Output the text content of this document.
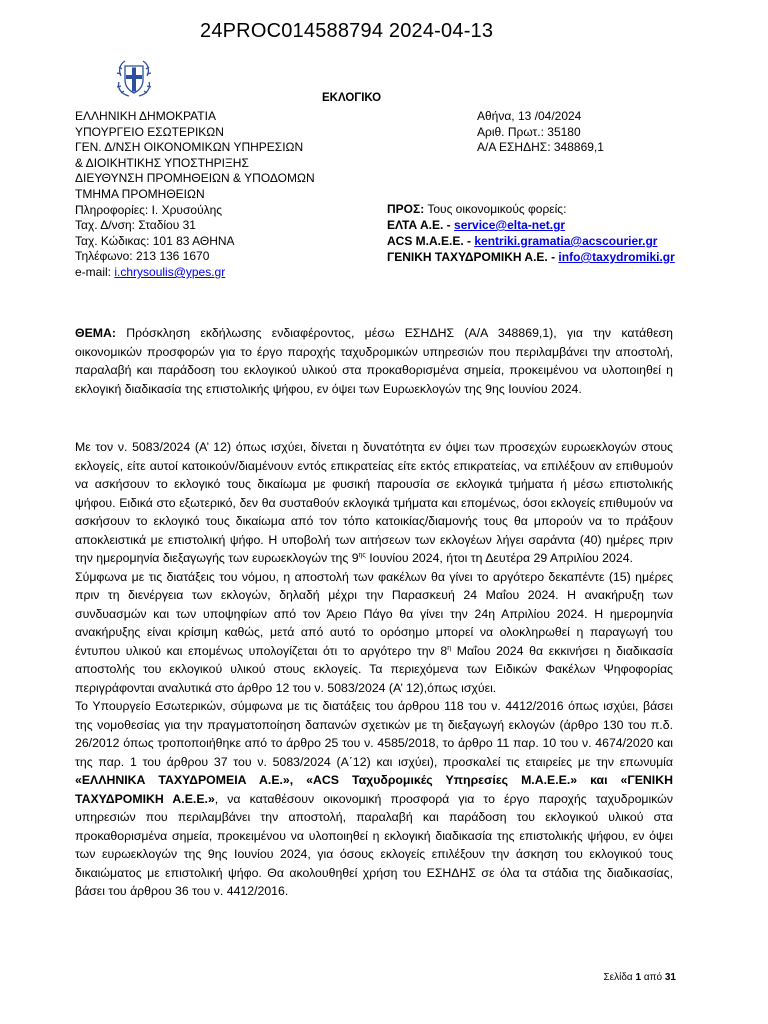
24PROC014588794 2024-04-13
ΕΚΛΟΓΙΚΟ
ΕΛΛΗΝΙΚΗ ΔΗΜΟΚΡΑΤΙΑ
ΥΠΟΥΡΓΕΙΟ ΕΣΩΤΕΡΙΚΩΝ
ΓΕΝ. Δ/ΝΣΗ ΟΙΚΟΝΟΜΙΚΩΝ ΥΠΗΡΕΣΙΩΝ
& ΔΙΟΙΚΗΤΙΚΗΣ ΥΠΟΣΤΗΡΙΞΗΣ
ΔΙΕΥΘΥΝΣΗ ΠΡΟΜΗΘΕΙΩΝ & ΥΠΟΔΟΜΩΝ
ΤΜΗΜΑ ΠΡΟΜΗΘΕΙΩΝ
Πληροφορίες: Ι. Χρυσούλης
Ταχ. Δ/νση: Σταδίου 31
Ταχ. Κώδικας: 101 83 ΑΘΗΝΑ
Τηλέφωνο: 213 136 1670
e-mail: i.chrysoulis@ypes.gr
Αθήνα, 13 /04/2024
Αριθ. Πρωτ.: 35180
Α/Α ΕΣΗΔΗΣ: 348869,1
ΠΡΟΣ: Τους οικονομικούς φορείς:
ΕΛΤΑ Α.Ε. - service@elta-net.gr
ACS Μ.Α.Ε.Ε. - kentriki.gramatia@acscourier.gr
ΓΕΝΙΚΗ ΤΑΧΥΔΡΟΜΙΚΗ Α.Ε. - info@taxydromiki.gr

ΘΕΜΑ: Πρόσκληση εκδήλωσης ενδιαφέροντος, μέσω ΕΣΗΔΗΣ (Α/Α 348869,1), για την κατάθεση οικονομικών προσφορών για το έργο παροχής ταχυδρομικών υπηρεσιών που περιλαμβάνει την αποστολή, παραλαβή και παράδοση του εκλογικού υλικού στα προκαθορισμένα σημεία, προκειμένου να υλοποιηθεί η εκλογική διαδικασία της επιστολικής ψήφου, εν όψει των Ευρωεκλογών της 9ης Ιουνίου 2024.

Με τον ν. 5083/2024 (Α’ 12) όπως ισχύει, δίνεται η δυνατότητα εν όψει των προσεχών ευρωεκλογών στους εκλογείς, είτε αυτοί κατοικούν/διαμένουν εντός επικρατείας είτε εκτός επικρατείας, να επιλέξουν αν επιθυμούν να ασκήσουν το εκλογικό τους δικαίωμα με φυσική παρουσία σε εκλογικά τμήματα ή μέσω επιστολικής ψήφου. Ειδικά στο εξωτερικό, δεν θα συσταθούν εκλογικά τμήματα και επομένως, όσοι εκλογείς επιθυμούν να ασκήσουν το εκλογικό τους δικαίωμα από τον τόπο κατοικίας/διαμονής τους θα μπορούν να το πράξουν αποκλειστικά με επιστολική ψήφο. Η υποβολή των αιτήσεων των εκλογέων λήγει σαράντα (40) ημέρες πριν την ημερομηνία διεξαγωγής των ευρωεκλογών της $9^{\eta\varsigma}$ Ιουνίου 2024, ήτοι τη Δευτέρα 29 Απριλίου 2024.

Σύμφωνα με τις διατάξεις του νόμου, η αποστολή των φακέλων θα γίνει το αργότερο δεκαπέντε (15) ημέρες πριν τη διενέργεια των εκλογών, δηλαδή μέχρι την Παρασκευή 24 Μαΐου 2024. Η ανακήρυξη των συνδυασμών και των υποψηφίων από τον Άρειο Πάγο θα γίνει την 24η Απριλίου 2024. Η ημερομηνία ανακήρυξης είναι κρίσιμη καθώς, μετά από αυτό το ορόσημο μπορεί να ολοκληρωθεί η παραγωγή του έντυπου υλικού και επομένως υπολογίζεται ότι το αργότερο την $8^\eta$ Μαΐου 2024 θα εκκινήσει η διαδικασία αποστολής του εκλογικού υλικού στους εκλογείς. Τα περιεχόμενα των Ειδικών Φακέλων Ψηφοφορίας περιγράφονται αναλυτικά στο άρθρο 12 του ν. 5083/2024 (Α’ 12),όπως ισχύει.

Το Υπουργείο Εσωτερικών, σύμφωνα με τις διατάξεις του άρθρου 118 του ν. 4412/2016 όπως ισχύει, βάσει της νομοθεσίας για την πραγματοποίηση δαπανών σχετικών με τη διεξαγωγή εκλογών (άρθρο 130 του π.δ. 26/2012 όπως τροποποιήθηκε από το άρθρο 25 του ν. 4585/2018, το άρθρο 11 παρ. 10 του ν. 4674/2020 και της παρ. 1 του άρθρου 37 του ν. 5083/2024 (Α΄12) και ισχύει), προσκαλεί τις εταιρείες με την επωνυμία «ΕΛΛΗΝΙΚΑ ΤΑΧΥΔΡΟΜΕΙΑ Α.Ε.», «ACS Ταχυδρομικές Υπηρεσίες Μ.Α.Ε.Ε.» και «ΓΕΝΙΚΗ ΤΑΧΥΔΡΟΜΙΚΗ Α.Ε.Ε.», να καταθέσουν οικονομική προσφορά για το έργο παροχής ταχυδρομικών υπηρεσιών που περιλαμβάνει την αποστολή, παραλαβή και παράδοση του εκλογικού υλικού στα προκαθορισμένα σημεία, προκειμένου να υλοποιηθεί η εκλογική διαδικασία της επιστολικής ψήφου, εν όψει των ευρωεκλογών της 9ης Ιουνίου 2024, για όσους εκλογείς επιλέξουν την άσκηση του εκλογικού τους δικαιώματος με επιστολική ψήφο. Θα ακολουθηθεί χρήση του ΕΣΗΔΗΣ σε όλα τα στάδια της διαδικασίας, βάσει του άρθρου 36 του ν. 4412/2016.

Σελίδα 1 από 31
